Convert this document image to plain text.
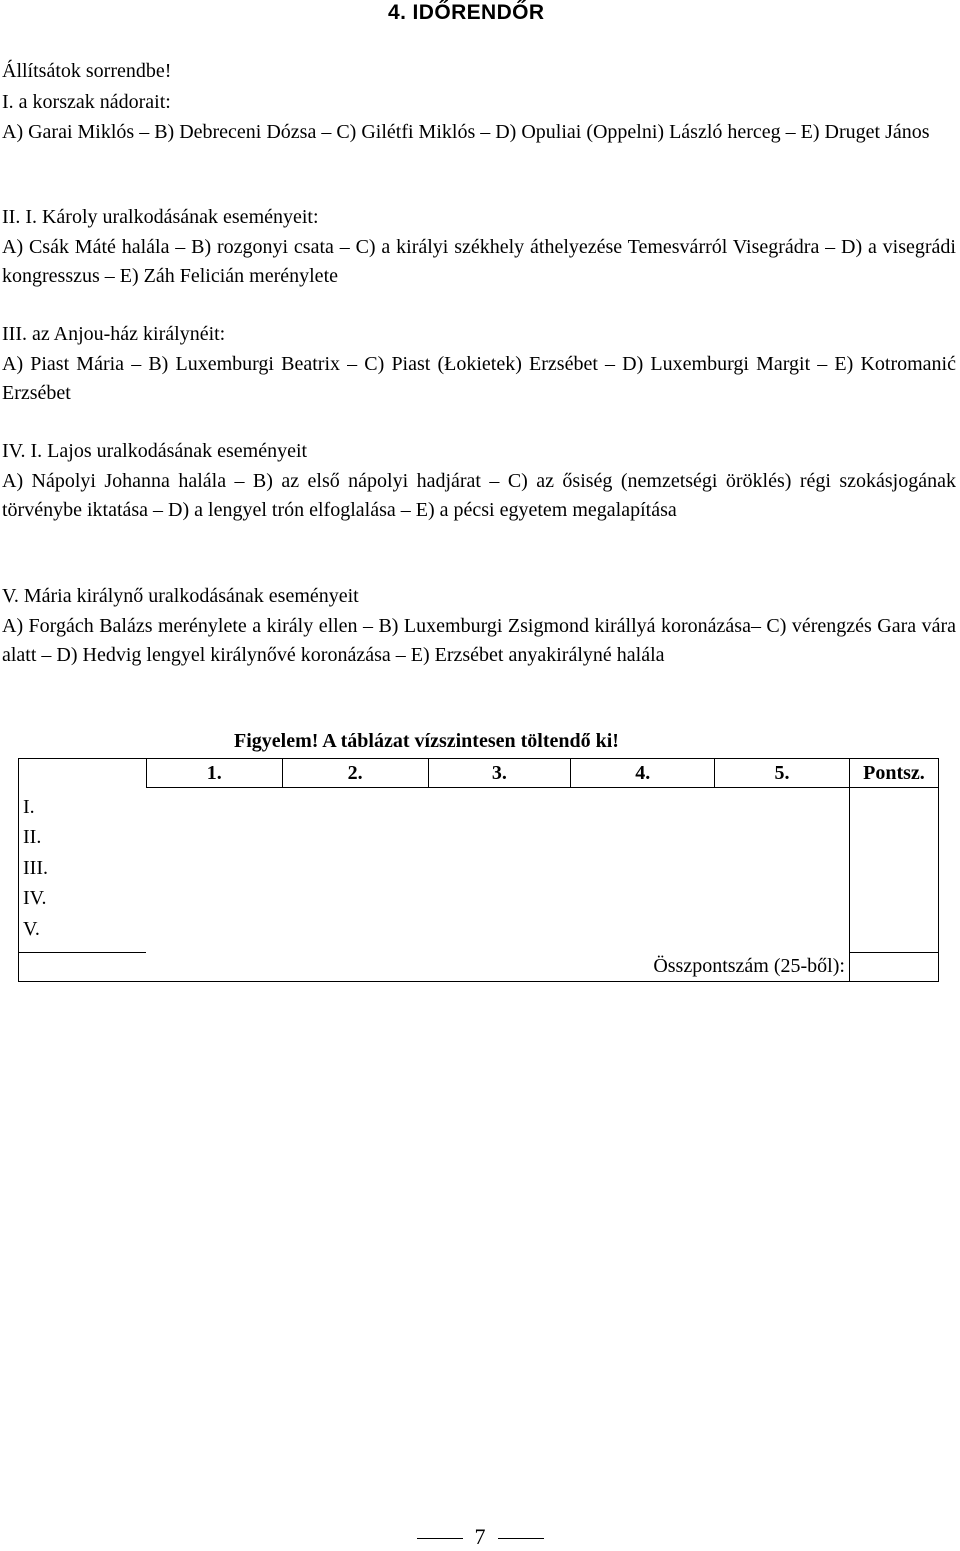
4. IDŐRENDŐR
Állítsátok sorrendbe!

I. a korszak nádorait:

A) Garai Miklós – B) Debreceni Dózsa – C) Gilétfi Miklós – D) Opuliai (Oppelni) László herceg – E) Druget János

II. I. Károly uralkodásának eseményeit:

A) Csák Máté halála – B) rozgonyi csata – C) a királyi székhely áthelyezése Temesvárról Visegrádra – D) a visegrádi kongresszus – E) Záh Felicián merénylete

III. az Anjou-ház királynéit:

A) Piast Mária – B) Luxemburgi Beatrix – C) Piast (Łokietek) Erzsébet – D) Luxemburgi Margit – E) Kotromanić Erzsébet

IV. I. Lajos uralkodásának eseményeit

A) Nápolyi Johanna halála – B) az első nápolyi hadjárat – C) az ősiség (nemzetségi öröklés) régi szokásjogának törvénybe iktatása – D) a lengyel trón elfoglalása – E) a pécsi egyetem megalapítása

V. Mária királynő uralkodásának eseményeit

A) Forgách Balázs merénylete a király ellen – B) Luxemburgi Zsigmond királlyá koronázása– C) vérengzés Gara vára alatt – D) Hedvig lengyel királynővé koronázása – E) Erzsébet anyakirályné halála

Figyelem! A táblázat vízszintesen töltendő ki!
	1.	2.	3.	4.	5.	Pontsz.

I.
II.
III.
IV.
V.						

Összpontszám (25-ből):						
7
